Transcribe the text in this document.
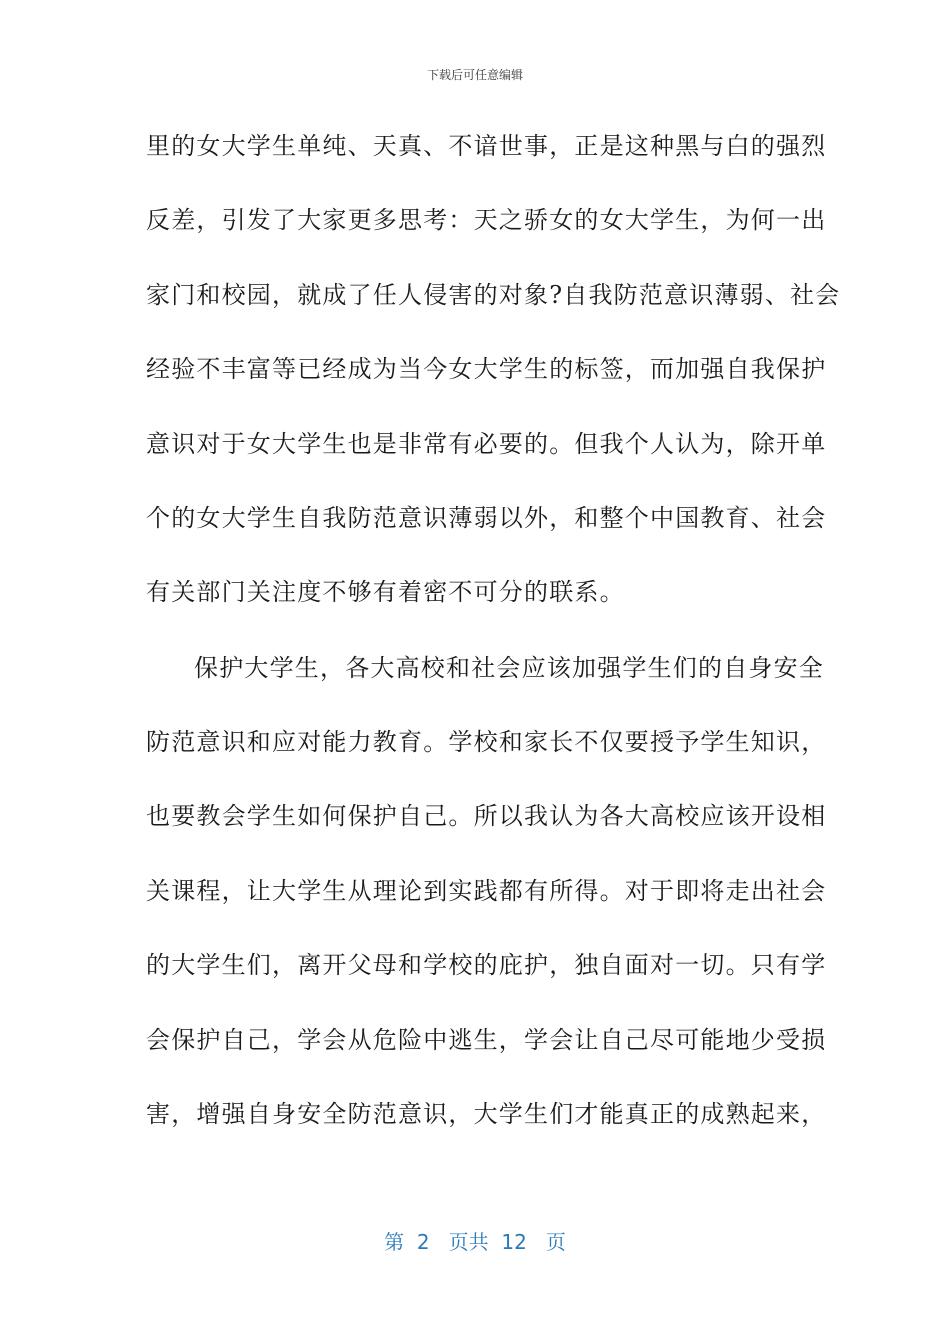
下载后可任意编辑
里的女大学生单纯、天真、不谙世事，正是这种黑与白的强烈
反差，引发了大家更多思考：天之骄女的女大学生，为何一出
家门和校园，就成了任人侵害的对象?自我防范意识薄弱、社会
经验不丰富等已经成为当今女大学生的标签，而加强自我保护
意识对于女大学生也是非常有必要的。但我个人认为，除开单
个的女大学生自我防范意识薄弱以外，和整个中国教育、社会
有关部门关注度不够有着密不可分的联系。
保护大学生，各大高校和社会应该加强学生们的自身安全
防范意识和应对能力教育。学校和家长不仅要授予学生知识，
也要教会学生如何保护自己。所以我认为各大高校应该开设相
关课程，让大学生从理论到实践都有所得。对于即将走出社会
的大学生们，离开父母和学校的庇护，独自面对一切。只有学
会保护自己，学会从危险中逃生，学会让自己尽可能地少受损
害，增强自身安全防范意识，大学生们才能真正的成熟起来，
第  2   页共  12   页
